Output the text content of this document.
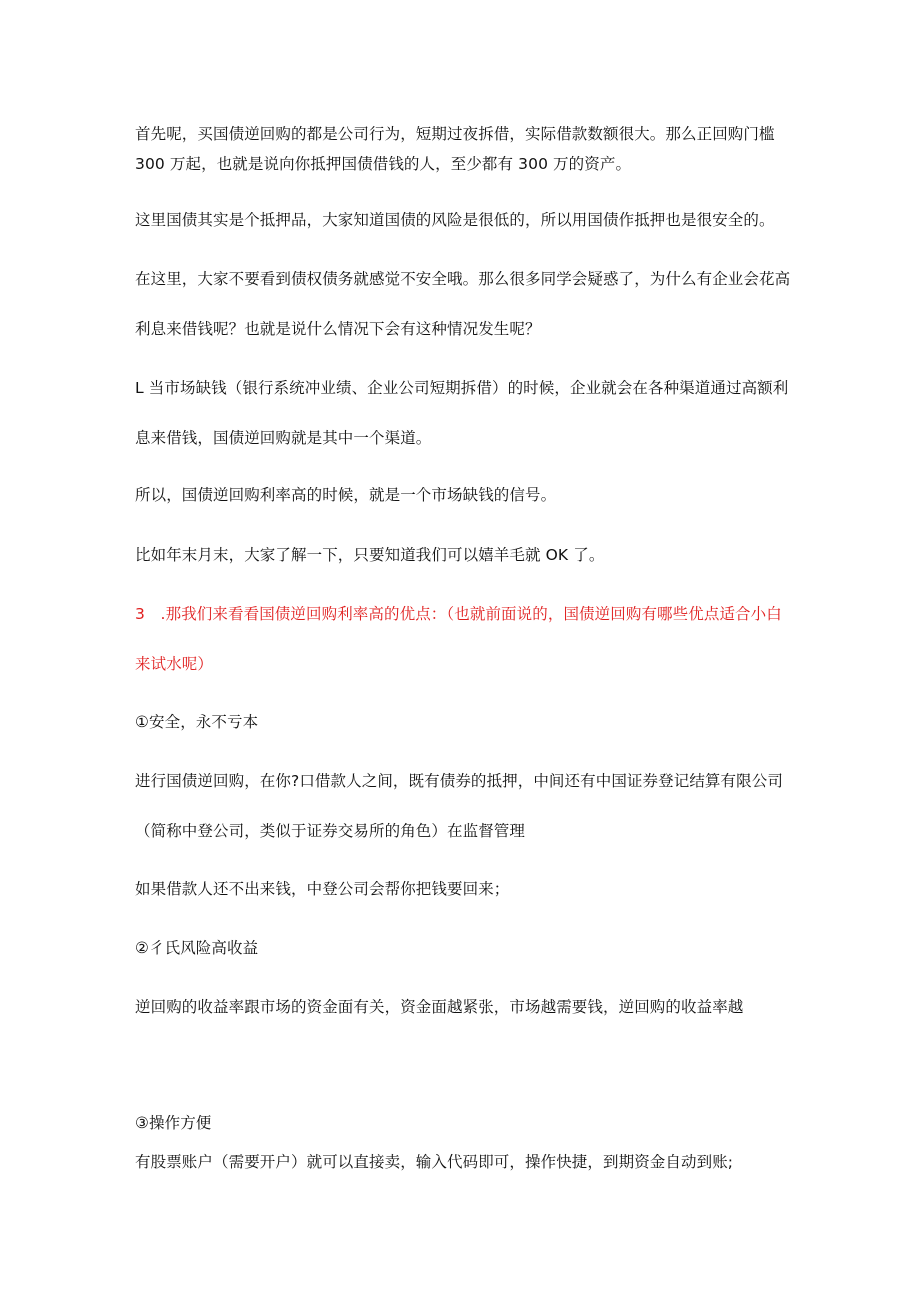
首先呢，买国债逆回购的都是公司行为，短期过夜拆借，实际借款数额很大。那么正回购门槛

300 万起，也就是说向你抵押国债借钱的人，至少都有 300 万的资产。

这里国债其实是个抵押品，大家知道国债的风险是很低的，所以用国债作抵押也是很安全的。

在这里，大家不要看到债权债务就感觉不安全哦。那么很多同学会疑惑了，为什么有企业会花高

利息来借钱呢？也就是说什么情况下会有这种情况发生呢？

L 当市场缺钱（银行系统冲业绩、企业公司短期拆借）的时候，企业就会在各种渠道通过高额利

息来借钱，国债逆回购就是其中一个渠道。

所以，国债逆回购利率高的时候，就是一个市场缺钱的信号。

比如年末月末，大家了解一下，只要知道我们可以嬉羊毛就 OK 了。

3　.那我们来看看国债逆回购利率高的优点：（也就前面说的，国债逆回购有哪些优点适合小白

来试水呢）

①安全，永不亏本

进行国债逆回购，在你?口借款人之间，既有债券的抵押，中间还有中国证券登记结算有限公司

（简称中登公司，类似于证券交易所的角色）在监督管理

如果借款人还不出来钱，中登公司会帮你把钱要回来；

②彳氏风险高收益

逆回购的收益率跟市场的资金面有关，资金面越紧张，市场越需要钱，逆回购的收益率越

③操作方便

有股票账户（需要开户）就可以直接卖，输入代码即可，操作快捷，到期资金自动到账;
